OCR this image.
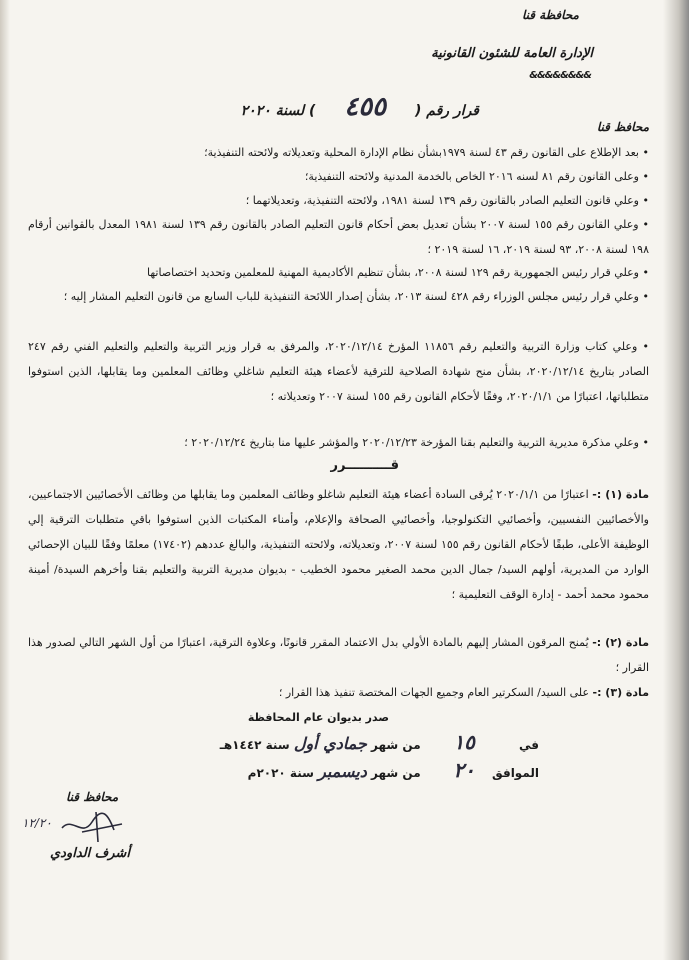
محافظة قنا
الإدارة العامة للشئون القانونية
&&&&&&&&
قرار رقم ( ٤٥٥ ) لسنة ٢٠٢٠
محافظ قنا
• بعد الإطلاع على القانون رقم ٤٣ لسنة ١٩٧٩بشأن نظام الإدارة المحلية وتعديلاته ولائحته التنفيذية؛
• وعلى القانون رقم ٨١ لسنه ٢٠١٦ الخاص بالخدمة المدنية ولائحته التنفيذية؛
• وعلي قانون التعليم الصادر بالقانون رقم ١٣٩ لسنة ١٩٨١، ولائحته التنفيذية، وتعديلاتهما ؛
• وعلي القانون رقم ١٥٥ لسنة ٢٠٠٧ بشأن تعديل بعض أحكام قانون التعليم الصادر بالقانون رقم ١٣٩ لسنة ١٩٨١ المعدل بالقوانين أرقام ١٩٨ لسنة ٢٠٠٨، ٩٣ لسنة ٢٠١٩، ١٦ لسنة ٢٠١٩ ؛
• وعلي قرار رئيس الجمهورية رقم ١٢٩ لسنة ٢٠٠٨، بشأن تنظيم الأكاديمية المهنية للمعلمين وتحديد اختصاصاتها
• وعلي قرار رئيس مجلس الوزراء رقم ٤٢٨ لسنة ٢٠١٣، بشأن إصدار اللائحة التنفيذية للباب السابع من قانون التعليم المشار إليه ؛
• وعلي كتاب وزارة التربية والتعليم رقم ١١٨٥٦ المؤرخ ٢٠٢٠/١٢/١٤، والمرفق به قرار وزير التربية والتعليم والتعليم الفني رقم ٢٤٧ الصادر بتاريخ ٢٠٢٠/١٢/١٤، بشأن منح شهادة الصلاحية للترقية لأعضاء هيئة التعليم شاغلي وظائف المعلمين وما يقابلها، الذين استوفوا متطلباتها، اعتبارًا من ٢٠٢٠/١/١، وفقًا لأحكام القانون رقم ١٥٥ لسنة ٢٠٠٧ وتعديلاته ؛
• وعلي مذكرة مديرية التربية والتعليم بقنا المؤرخة ٢٠٢٠/١٢/٢٣ والمؤشر عليها منا بتاريخ ٢٠٢٠/١٢/٢٤ ؛
قــــــــــرر
مادة (١) :- اعتبارًا من ٢٠٢٠/١/١ يُرقى السادة أعضاء هيئة التعليم شاغلو وظائف المعلمين وما يقابلها من وظائف الأخصائيين الاجتماعيين، والأخصائيين النفسيين، وأخصائيي التكنولوجيا، وأخصائيي الصحافة والإعلام، وأمناء المكتبات الذين استوفوا باقي متطلبات الترقية إلي الوظيفة الأعلى، طبقًا لأحكام القانون رقم ١٥٥ لسنة ٢٠٠٧، وتعديلاته، ولائحته التنفيذية، والبالغ عددهم (١٧٤٠٢) معلمًا وفقًا للبيان الإحصائي الوارد من المديرية، أولهم السيد/ جمال الدين محمد الصغير محمود الخطيب - بديوان مديرية التربية والتعليم بقنا وأخرهم السيدة/ أمينة محمود محمد أحمد - إدارة الوقف التعليمية ؛
مادة (٢) :- يُمنح المرقون المشار إليهم بالمادة الأولي بدل الاعتماد المقرر قانونًا، وعلاوة الترقية، اعتبارًا من أول الشهر التالي لصدور هذا القرار ؛
مادة (٣) :- على السيد/ السكرتير العام وجميع الجهات المختصة تنفيذ هذا القرار ؛
صدر بديوان عام المحافظة
في ١٥ من شهر جمادي أول سنة ١٤٤٢هـ
الموافق ٢٠ من شهر ديسمبر سنة ٢٠٢٠م
محافظ قنا
١٢/٢٠
أشرف الداودي
